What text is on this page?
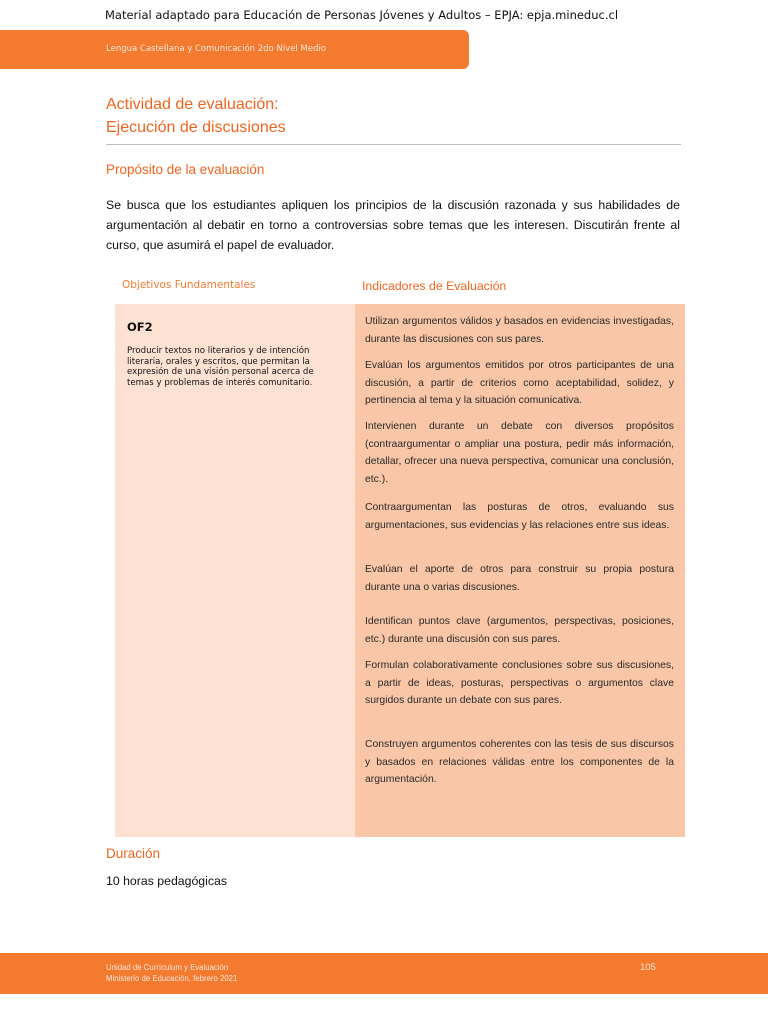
Material adaptado para Educación de Personas Jóvenes y Adultos – EPJA: epja.mineduc.cl
Lengua Castellana y Comunicación 2do Nivel Medio
Actividad de evaluación:
Ejecución de discusiones
Propósito de la evaluación

Se busca que los estudiantes apliquen los principios de la discusión razonada y sus habilidades de argumentación al debatir en torno a controversias sobre temas que les interesen. Discutirán frente al curso, que asumirá el papel de evaluador.

Objetivos Fundamentales	Indicadores de Evaluación
OF2
Producir textos no literarios y de intención literaria, orales y escritos, que permitan la expresión de una visión personal acerca de temas y problemas de interés comunitario.

Utilizan argumentos válidos y basados en evidencias investigadas, durante las discusiones con sus pares.

Evalúan los argumentos emitidos por otros participantes de una discusión, a partir de criterios como aceptabilidad, solidez, y pertinencia al tema y la situación comunicativa.

Intervienen durante un debate con diversos propósitos (contraargumentar o ampliar una postura, pedir más información, detallar, ofrecer una nueva perspectiva, comunicar una conclusión, etc.).

Contraargumentan las posturas de otros, evaluando sus argumentaciones, sus evidencias y las relaciones entre sus ideas.

Evalúan el aporte de otros para construir su propia postura durante una o varias discusiones.

Identifican puntos clave (argumentos, perspectivas, posiciones, etc.) durante una discusión con sus pares.

Formulan colaborativamente conclusiones sobre sus discusiones, a partir de ideas, posturas, perspectivas o argumentos clave surgidos durante un debate con sus pares.

Construyen argumentos coherentes con las tesis de sus discursos y basados en relaciones válidas entre los componentes de la argumentación.

Duración
10 horas pedagógicas
Unidad de Currículum y Evaluación
Ministerio de Educación, febrero 2021
105
